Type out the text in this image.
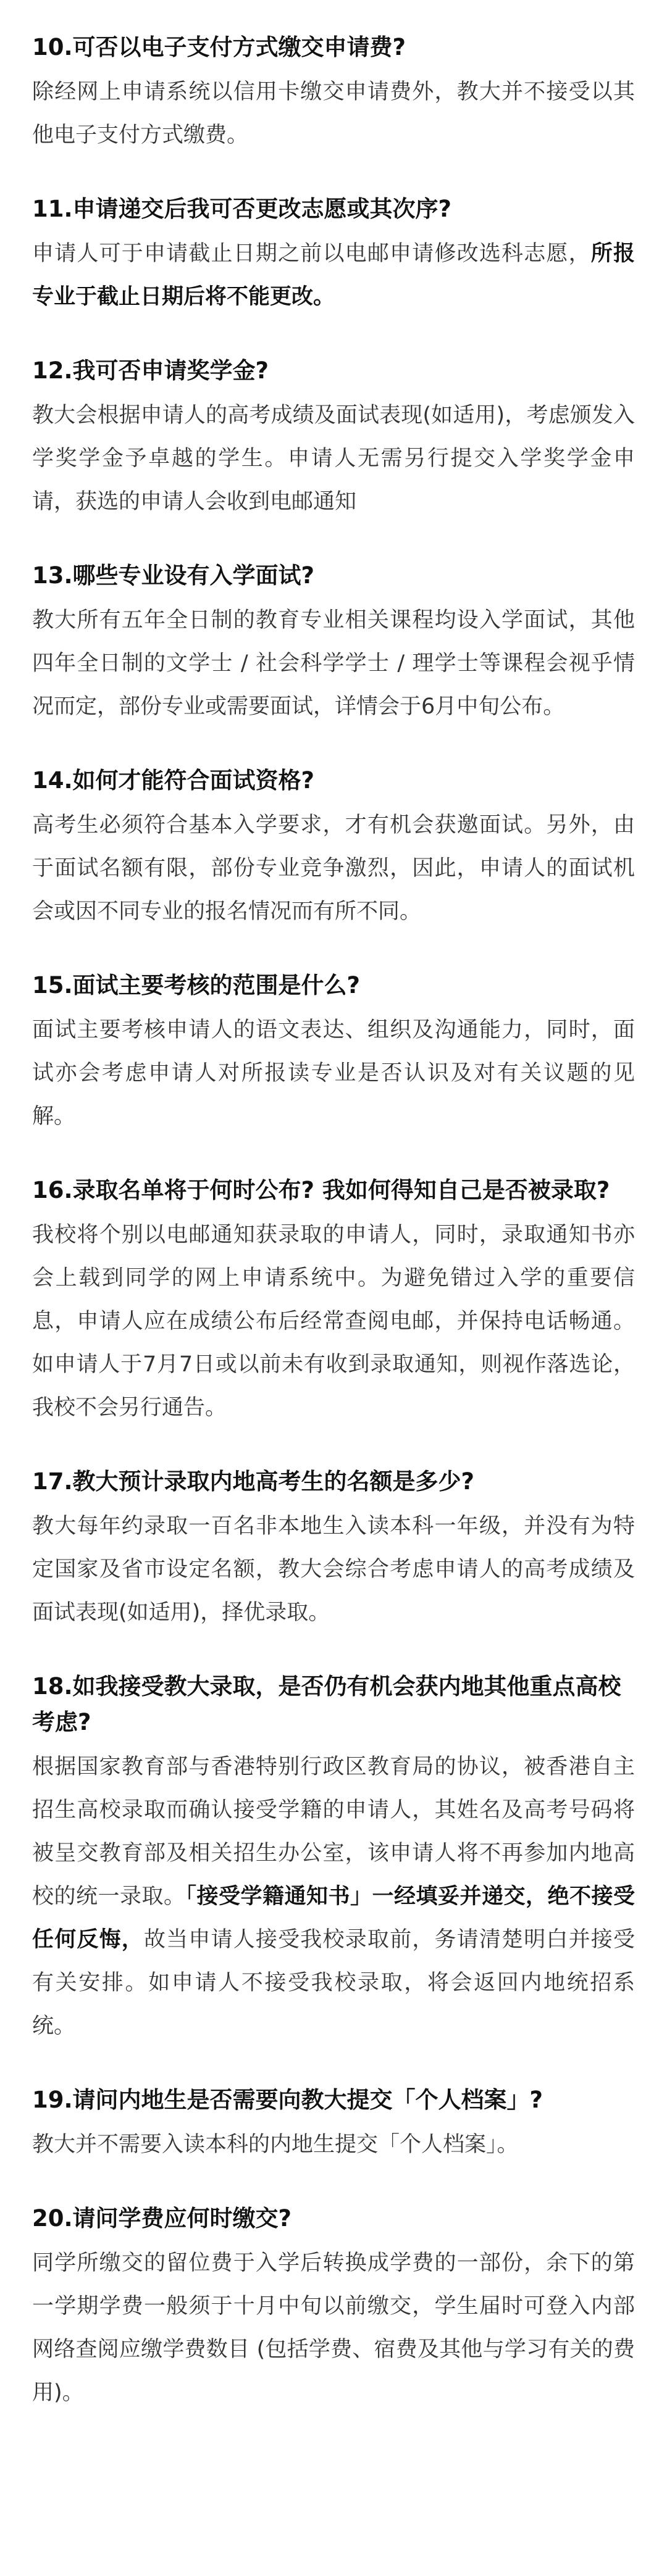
10.可否以电子支付方式缴交申请费?

除经网上申请系统以信用卡缴交申请费外，教大并不接受以其他电子支付方式缴费。

11.申请递交后我可否更改志愿或其次序?

申请人可于申请截止日期之前以电邮申请修改选科志愿，所报专业于截止日期后将不能更改。

12.我可否申请奖学金?

教大会根据申请人的高考成绩及面试表现(如适用)，考虑颁发入学奖学金予卓越的学生。申请人无需另行提交入学奖学金申请，获选的申请人会收到电邮通知

13.哪些专业设有入学面试?

教大所有五年全日制的教育专业相关课程均设入学面试，其他四年全日制的文学士 / 社会科学学士 / 理学士等课程会视乎情况而定，部份专业或需要面试，详情会于6月中旬公布。

14.如何才能符合面试资格?

高考生必须符合基本入学要求，才有机会获邀面试。另外，由于面试名额有限，部份专业竞争激烈，因此，申请人的面试机会或因不同专业的报名情况而有所不同。

15.面试主要考核的范围是什么?

面试主要考核申请人的语文表达、组织及沟通能力，同时，面试亦会考虑申请人对所报读专业是否认识及对有关议题的见解。

16.录取名单将于何时公布? 我如何得知自己是否被录取?

我校将个别以电邮通知获录取的申请人，同时，录取通知书亦会上载到同学的网上申请系统中。为避免错过入学的重要信息，申请人应在成绩公布后经常查阅电邮，并保持电话畅通。如申请人于7月7日或以前未有收到录取通知，则视作落选论，我校不会另行通告。

17.教大预计录取内地高考生的名额是多少?

教大每年约录取一百名非本地生入读本科一年级，并没有为特定国家及省市设定名额，教大会综合考虑申请人的高考成绩及面试表现(如适用)，择优录取。

18.如我接受教大录取，是否仍有机会获内地其他重点高校考虑?

根据国家教育部与香港特别行政区教育局的协议，被香港自主招生高校录取而确认接受学籍的申请人，其姓名及高考号码将被呈交教育部及相关招生办公室，该申请人将不再参加内地高校的统一录取。「接受学籍通知书」一经填妥并递交，绝不接受任何反悔，故当申请人接受我校录取前，务请清楚明白并接受有关安排。如申请人不接受我校录取，将会返回内地统招系统。

19.请问内地生是否需要向教大提交「个人档案」?

教大并不需要入读本科的内地生提交「个人档案」。

20.请问学费应何时缴交?

同学所缴交的留位费于入学后转换成学费的一部份，余下的第一学期学费一般须于十月中旬以前缴交，学生届时可登入内部网络查阅应缴学费数目 (包括学费、宿费及其他与学习有关的费用)。
